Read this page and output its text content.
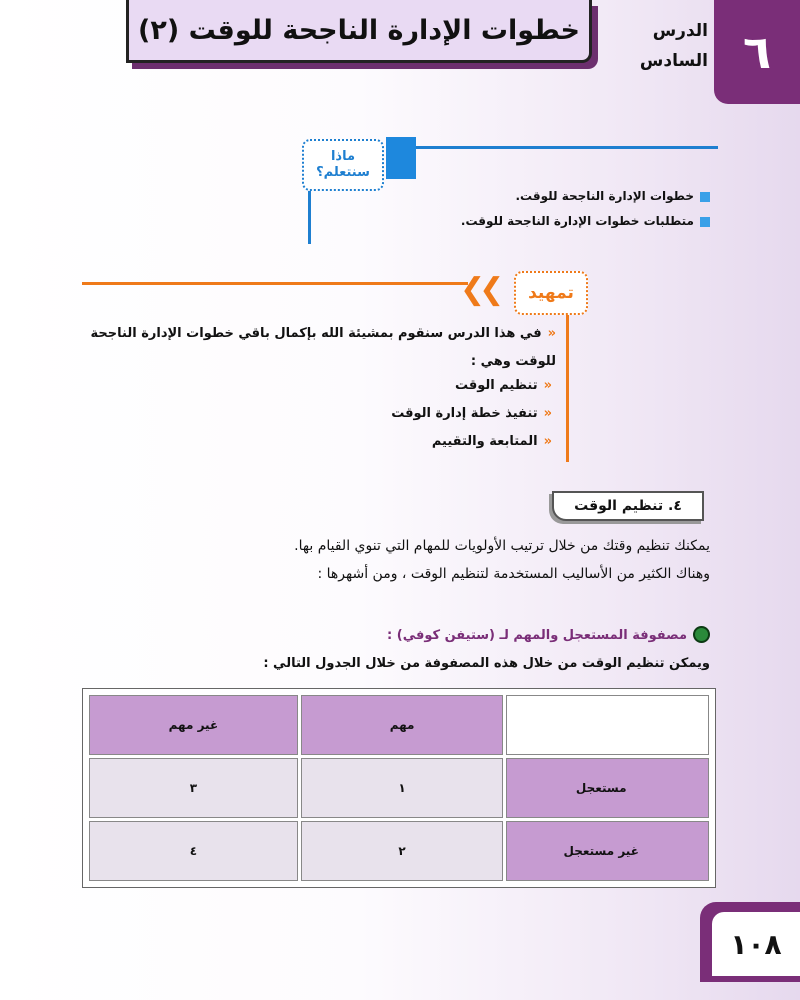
٦
الدرس
السادس
خطوات الإدارة الناجحة للوقت (٢)
ماذا
سنتعلم؟
خطوات الإدارة الناجحة للوقت.
متطلبات خطوات الإدارة الناجحة للوقت.
❮❮ تمهيد
«في هذا الدرس سنقوم بمشيئة الله بإكمال باقي خطوات الإدارة الناجحة
للوقت وهي :
«تنظيم الوقت
«تنفيذ خطة إدارة الوقت
«المتابعة والتقييم
٤. تنظيم الوقت
يمكنك تنظيم وقتك من خلال ترتيب الأولويات للمهام التي تنوي القيام بها.
وهناك الكثير من الأساليب المستخدمة لتنظيم الوقت ، ومن أشهرها :
مصفوفة المستعجل والمهم لـ (ستيفن كوفي) :
ويمكن تنظيم الوقت من خلال هذه المصفوفة من خلال الجدول التالي :
	مهم	غير مهم
مستعجل	١	٣
غير مستعجل	٢	٤
١٠٨
